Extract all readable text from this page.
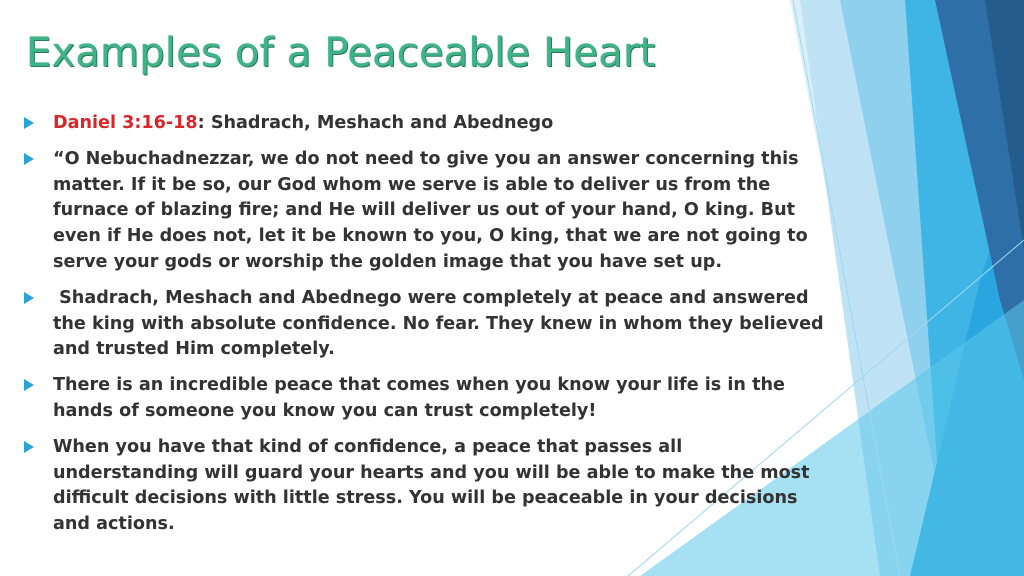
Examples of a Peaceable Heart
Daniel 3:16-18: Shadrach, Meshach and Abednego
“O Nebuchadnezzar, we do not need to give you an answer concerning this matter. If it be so, our God whom we serve is able to deliver us from the furnace of blazing fire; and He will deliver us out of your hand, O king. But even if He does not, let it be known to you, O king, that we are not going to serve your gods or worship the golden image that you have set up.
Shadrach, Meshach and Abednego were completely at peace and answered the king with absolute confidence. No fear. They knew in whom they believed and trusted Him completely.
There is an incredible peace that comes when you know your life is in the hands of someone you know you can trust completely!
When you have that kind of confidence, a peace that passes all understanding will guard your hearts and you will be able to make the most difficult decisions with little stress. You will be peaceable in your decisions and actions.
